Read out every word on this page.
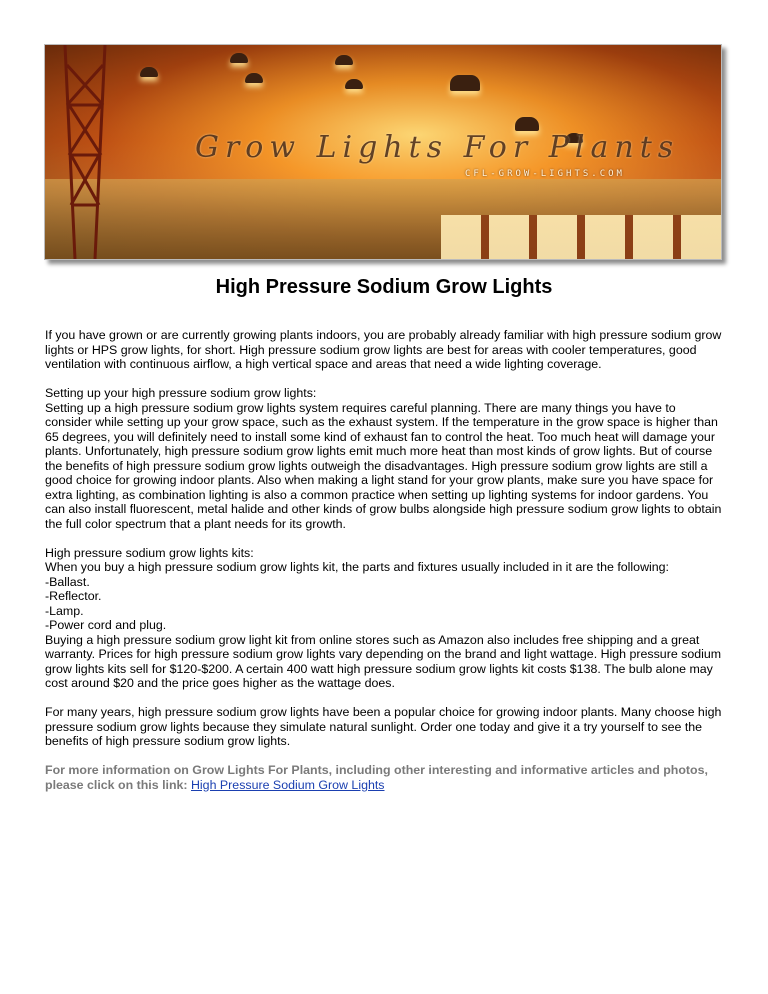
Grow Lights For Plants
CFL-GROW-LIGHTS.COM
High Pressure Sodium Grow Lights

If you have grown or are currently growing plants indoors, you are probably already familiar with high pressure sodium grow lights or HPS grow lights, for short. High pressure sodium grow lights are best for areas with cooler temperatures, good ventilation with continuous airflow, a high vertical space and areas that need a wide lighting coverage.

Setting up your high pressure sodium grow lights:
Setting up a high pressure sodium grow lights system requires careful planning. There are many things you have to consider while setting up your grow space, such as the exhaust system. If the temperature in the grow space is higher than 65 degrees, you will definitely need to install some kind of exhaust fan to control the heat. Too much heat will damage your plants. Unfortunately, high pressure sodium grow lights emit much more heat than most kinds of grow lights. But of course the benefits of high pressure sodium grow lights outweigh the disadvantages. High pressure sodium grow lights are still a good choice for growing indoor plants. Also when making a light stand for your grow plants, make sure you have space for extra lighting, as combination lighting is also a common practice when setting up lighting systems for indoor gardens. You can also install fluorescent, metal halide and other kinds of grow bulbs alongside high pressure sodium grow lights to obtain the full color spectrum that a plant needs for its growth.

High pressure sodium grow lights kits:
When you buy a high pressure sodium grow lights kit, the parts and fixtures usually included in it are the following:
-Ballast.
-Reflector.
-Lamp.
-Power cord and plug.
Buying a high pressure sodium grow light kit from online stores such as Amazon also includes free shipping and a great warranty. Prices for high pressure sodium grow lights vary depending on the brand and light wattage. High pressure sodium grow lights kits sell for $120-$200. A certain 400 watt high pressure sodium grow lights kit costs $138. The bulb alone may cost around $20 and the price goes higher as the wattage does.

For many years, high pressure sodium grow lights have been a popular choice for growing indoor plants. Many choose high pressure sodium grow lights because they simulate natural sunlight. Order one today and give it a try yourself to see the benefits of high pressure sodium grow lights.

For more information on Grow Lights For Plants, including other interesting and informative articles and photos, please click on this link: High Pressure Sodium Grow Lights
